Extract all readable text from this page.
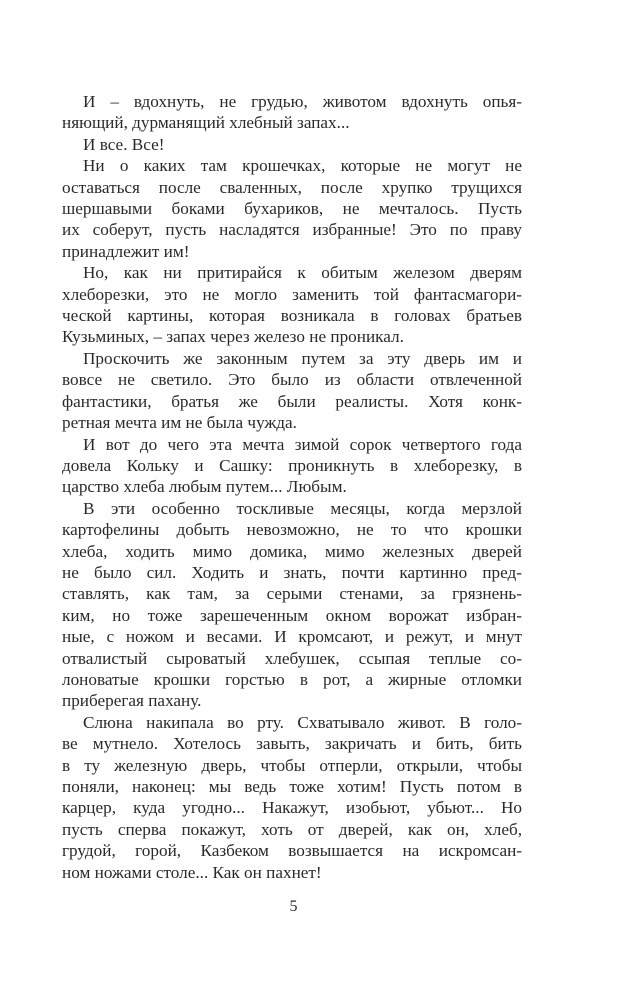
И – вдохнуть, не грудью, животом вдохнуть опья-
няющий, дурманящий хлебный запах...
И все. Все!
Ни о каких там крошечках, которые не могут не
оставаться после сваленных, после хрупко трущихся
шершавыми боками бухариков, не мечталось. Пусть
их соберут, пусть насладятся избранные! Это по праву
принадлежит им!
Но, как ни притирайся к обитым железом дверям
хлеборезки, это не могло заменить той фантасмагори-
ческой картины, которая возникала в головах братьев
Кузьминых, – запах через железо не проникал.
Проскочить же законным путем за эту дверь им и
вовсе не светило. Это было из области отвлеченной
фантастики, братья же были реалисты. Хотя конк-
ретная мечта им не была чужда.
И вот до чего эта мечта зимой сорок четвертого года
довела Кольку и Сашку: проникнуть в хлеборезку, в
царство хлеба любым путем... Любым.
В эти особенно тоскливые месяцы, когда мерзлой
картофелины добыть невозможно, не то что крошки
хлеба, ходить мимо домика, мимо железных дверей
не было сил. Ходить и знать, почти картинно пред-
ставлять, как там, за серыми стенами, за грязнень-
ким, но тоже зарешеченным окном ворожат избран-
ные, с ножом и весами. И кромсают, и режут, и мнут
отвалистый сыроватый хлебушек, ссыпая теплые со-
лоноватые крошки горстью в рот, а жирные отломки
приберегая пахану.
Слюна накипала во рту. Схватывало живот. В голо-
ве мутнело. Хотелось завыть, закричать и бить, бить
в ту железную дверь, чтобы отперли, открыли, чтобы
поняли, наконец: мы ведь тоже хотим! Пусть потом в
карцер, куда угодно... Накажут, изобьют, убьют... Но
пусть сперва покажут, хоть от дверей, как он, хлеб,
грудой, горой, Казбеком возвышается на искромсан-
ном ножами столе... Как он пахнет!
5
